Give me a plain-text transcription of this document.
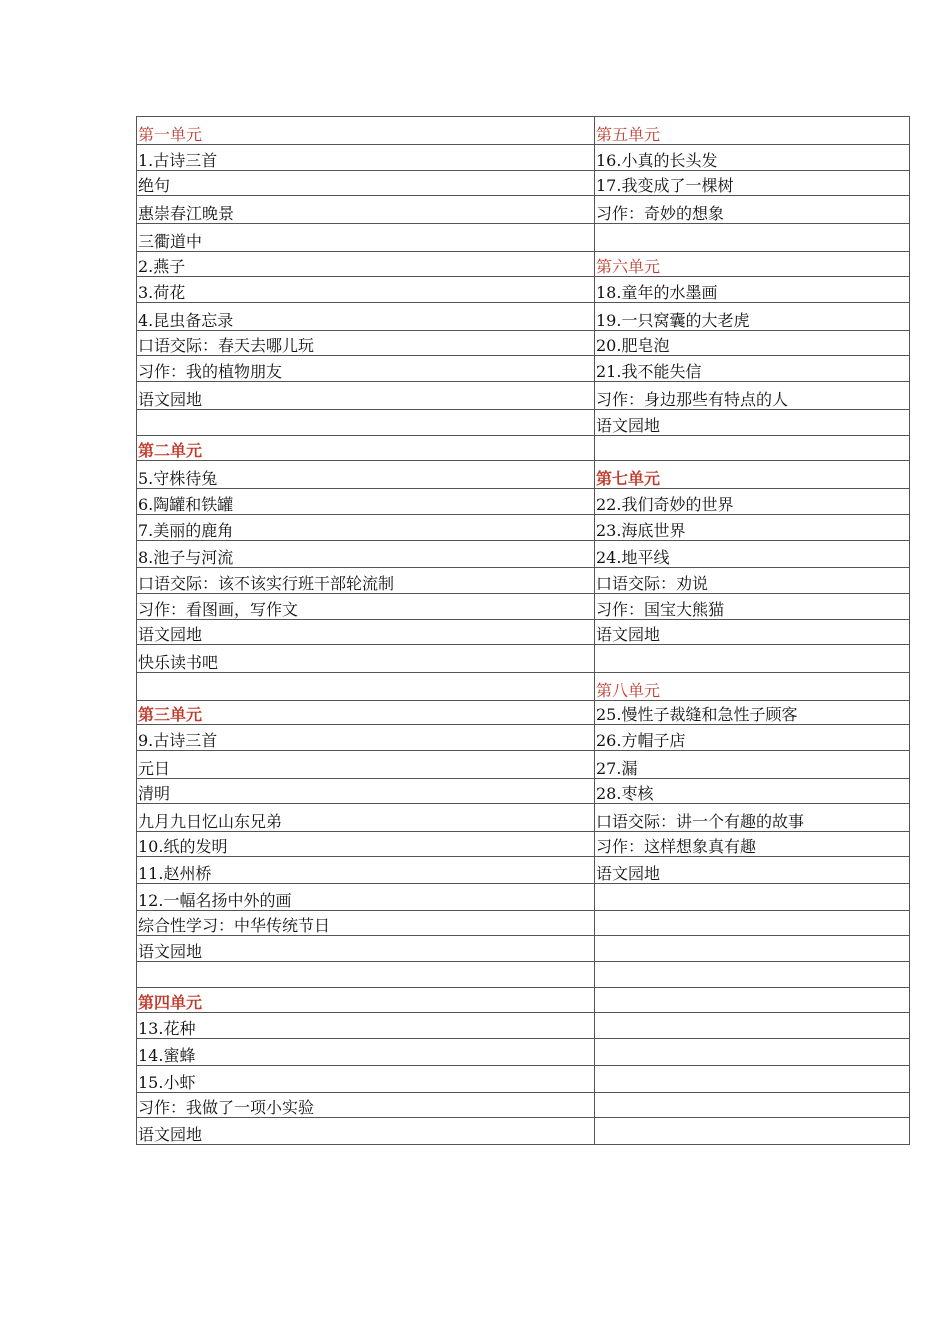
第一单元	第五单元
1.古诗三首	16.小真的长头发
绝句	17.我变成了一棵树
惠崇春江晚景	习作：奇妙的想象
三衢道中	
2.燕子	第六单元
3.荷花	18.童年的水墨画
4.昆虫备忘录	19.一只窝囊的大老虎
口语交际：春天去哪儿玩	20.肥皂泡
习作：我的植物朋友	21.我不能失信
语文园地	习作：身边那些有特点的人
	语文园地
第二单元	
5.守株待兔	第七单元
6.陶罐和铁罐	22.我们奇妙的世界
7.美丽的鹿角	23.海底世界
8.池子与河流	24.地平线
口语交际：该不该实行班干部轮流制	口语交际：劝说
习作：看图画，写作文	习作：国宝大熊猫
语文园地	语文园地
快乐读书吧	
	第八单元
第三单元	25.慢性子裁缝和急性子顾客
9.古诗三首	26.方帽子店
元日	27.漏
清明	28.枣核
九月九日忆山东兄弟	口语交际：讲一个有趣的故事
10.纸的发明	习作：这样想象真有趣
11.赵州桥	语文园地
12.一幅名扬中外的画	
综合性学习：中华传统节日	
语文园地	

第四单元	
13.花种	
14.蜜蜂	
15.小虾	
习作：我做了一项小实验	
语文园地	
